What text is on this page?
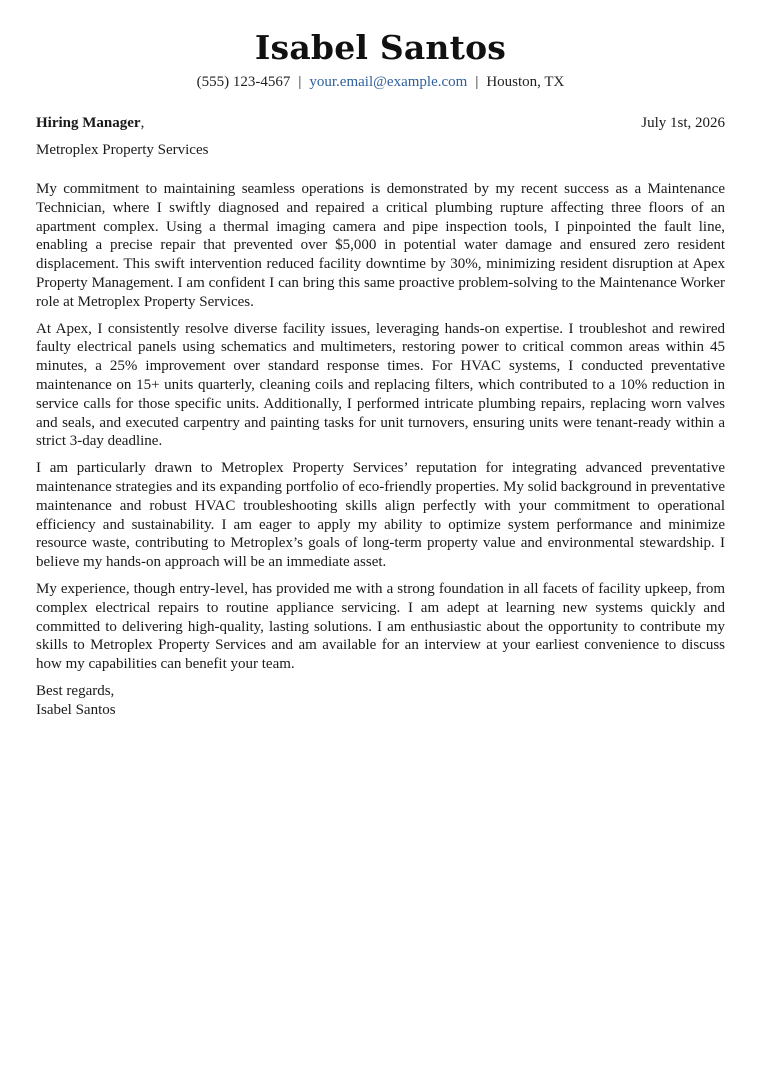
Isabel Santos
(555) 123-4567 | your.email@example.com | Houston, TX
Hiring Manager,	July 1st, 2026
Metroplex Property Services

My commitment to maintaining seamless operations is demonstrated by my recent success as a Maintenance Technician, where I swiftly diagnosed and repaired a critical plumbing rupture affecting three floors of an apartment complex. Using a thermal imaging camera and pipe inspection tools, I pinpointed the fault line, enabling a precise repair that prevented over $5,000 in potential water damage and ensured zero resident displacement. This swift intervention reduced facility downtime by 30%, minimizing resident disruption at Apex Property Management. I am confident I can bring this same proactive problem-solving to the Maintenance Worker role at Metroplex Property Services.

At Apex, I consistently resolve diverse facility issues, leveraging hands-on expertise. I troubleshot and rewired faulty electrical panels using schematics and multimeters, restoring power to critical common areas within 45 minutes, a 25% improvement over standard response times. For HVAC systems, I conducted preventative maintenance on 15+ units quarterly, cleaning coils and replacing filters, which contributed to a 10% reduction in service calls for those specific units. Additionally, I performed intricate plumbing repairs, replacing worn valves and seals, and executed carpentry and painting tasks for unit turnovers, ensuring units were tenant-ready within a strict 3-day deadline.

I am particularly drawn to Metroplex Property Services’ reputation for integrating advanced preventative maintenance strategies and its expanding portfolio of eco-friendly properties. My solid background in preventative maintenance and robust HVAC troubleshooting skills align perfectly with your commitment to operational efficiency and sustainability. I am eager to apply my ability to optimize system performance and minimize resource waste, contributing to Metroplex’s goals of long-term property value and environmental stewardship. I believe my hands-on approach will be an immediate asset.

My experience, though entry-level, has provided me with a strong foundation in all facets of facility upkeep, from complex electrical repairs to routine appliance servicing. I am adept at learning new systems quickly and committed to delivering high-quality, lasting solutions. I am enthusiastic about the opportunity to contribute my skills to Metroplex Property Services and am available for an interview at your earliest convenience to discuss how my capabilities can benefit your team.

Best regards,
Isabel Santos
